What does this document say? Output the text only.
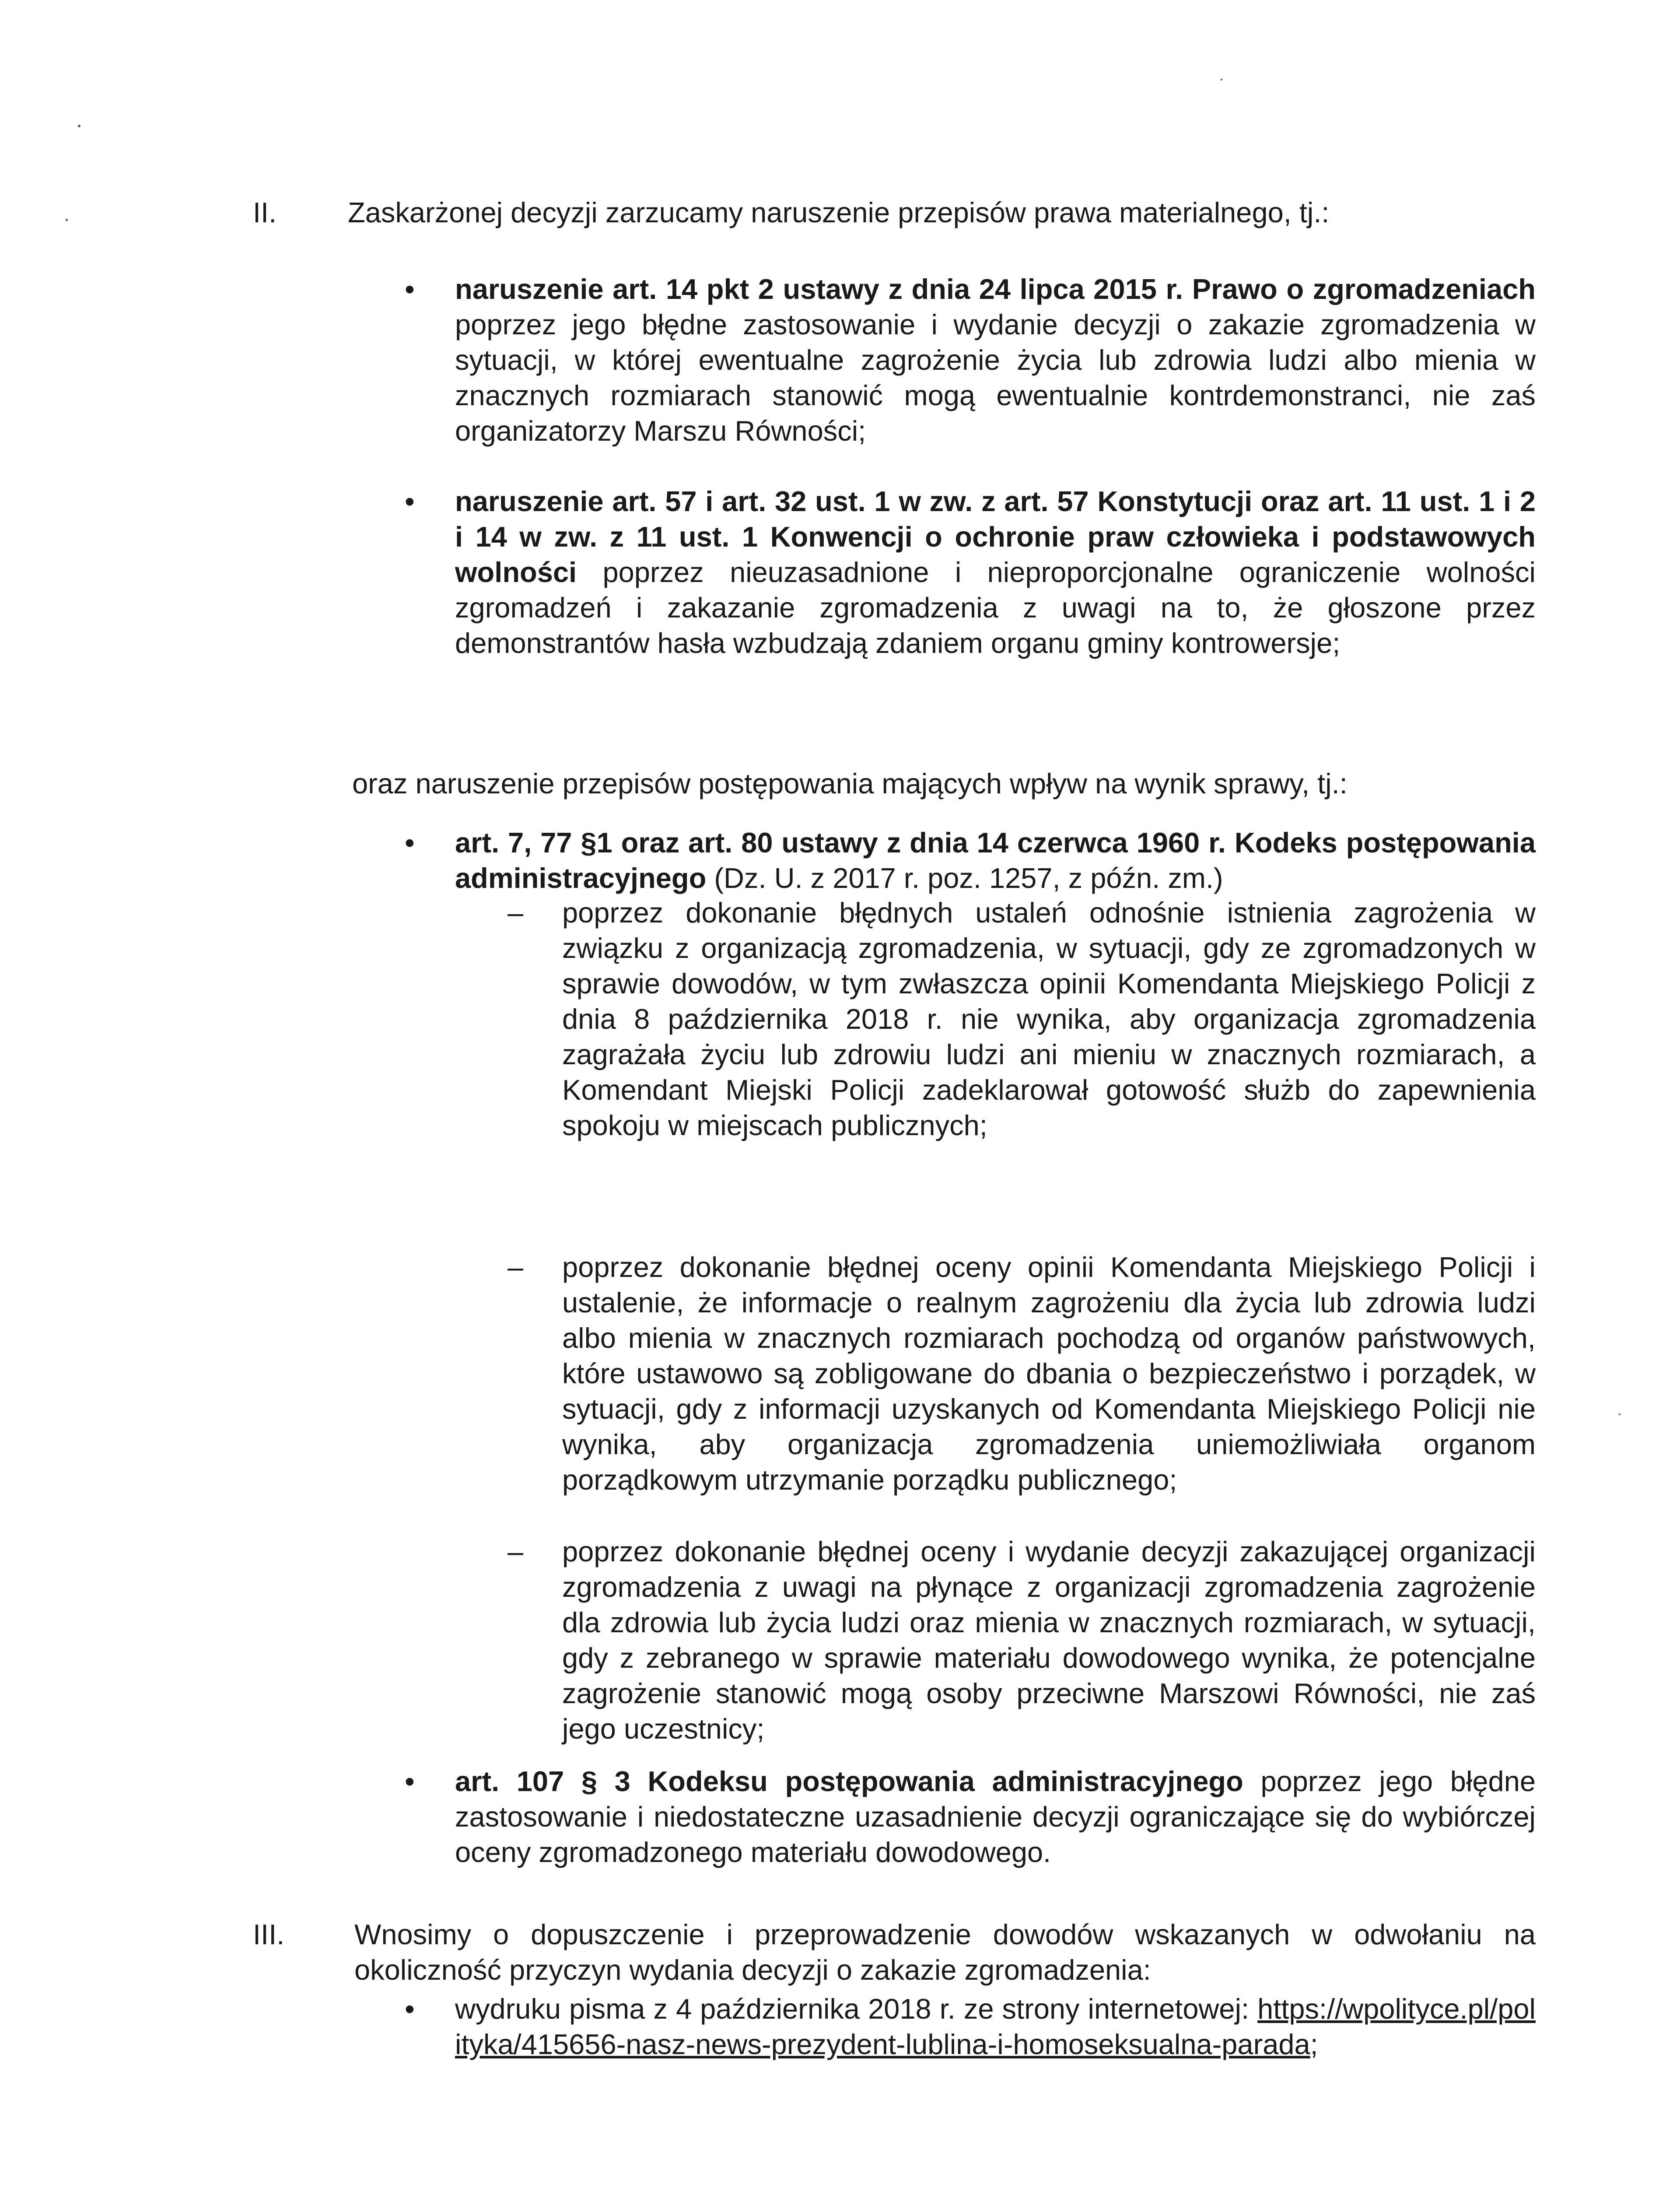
II.	Zaskarżonej decyzji zarzucamy naruszenie przepisów prawa materialnego, tj.:
• naruszenie art. 14 pkt 2 ustawy z dnia 24 lipca 2015 r. Prawo o zgromadzeniach poprzez jego błędne zastosowanie i wydanie decyzji o zakazie zgromadzenia w sytuacji, w której ewentualne zagrożenie życia lub zdrowia ludzi albo mienia w znacznych rozmiarach stanowić mogą ewentualnie kontrdemonstranci, nie zaś organizatorzy Marszu Równości;

• naruszenie art. 57 i art. 32 ust. 1 w zw. z art. 57 Konstytucji oraz art. 11 ust. 1 i 2 i 14 w zw. z 11 ust. 1 Konwencji o ochronie praw człowieka i podstawowych wolności poprzez nieuzasadnione i nieproporcjonalne ograniczenie wolności zgromadzeń i zakazanie zgromadzenia z uwagi na to, że głoszone przez demonstrantów hasła wzbudzają zdaniem organu gminy kontrowersje;

oraz naruszenie przepisów postępowania mających wpływ na wynik sprawy, tj.:
• art. 7, 77 §1 oraz art. 80 ustawy z dnia 14 czerwca 1960 r. Kodeks postępowania administracyjnego (Dz. U. z 2017 r. poz. 1257, z późn. zm.)

– poprzez dokonanie błędnych ustaleń odnośnie istnienia zagrożenia w związku z organizacją zgromadzenia, w sytuacji, gdy ze zgromadzonych w sprawie dowodów, w tym zwłaszcza opinii Komendanta Miejskiego Policji z dnia 8 października 2018 r. nie wynika, aby organizacja zgromadzenia zagrażała życiu lub zdrowiu ludzi ani mieniu w znacznych rozmiarach, a Komendant Miejski Policji zadeklarował gotowość służb do zapewnienia spokoju w miejscach publicznych;
– poprzez dokonanie błędnej oceny opinii Komendanta Miejskiego Policji i ustalenie, że informacje o realnym zagrożeniu dla życia lub zdrowia ludzi albo mienia w znacznych rozmiarach pochodzą od organów państwowych, które ustawowo są zobligowane do dbania o bezpieczeństwo i porządek, w sytuacji, gdy z informacji uzyskanych od Komendanta Miejskiego Policji nie wynika, aby organizacja zgromadzenia uniemożliwiała organom porządkowym utrzymanie porządku publicznego;
– poprzez dokonanie błędnej oceny i wydanie decyzji zakazującej organizacji zgromadzenia z uwagi na płynące z organizacji zgromadzenia zagrożenie dla zdrowia lub życia ludzi oraz mienia w znacznych rozmiarach, w sytuacji, gdy z zebranego w sprawie materiału dowodowego wynika, że potencjalne zagrożenie stanowić mogą osoby przeciwne Marszowi Równości, nie zaś jego uczestnicy;
• art. 107 § 3 Kodeksu postępowania administracyjnego poprzez jego błędne zastosowanie i niedostateczne uzasadnienie decyzji ograniczające się do wybiórczej oceny zgromadzonego materiału dowodowego.

III. Wnosimy o dopuszczenie i przeprowadzenie dowodów wskazanych w odwołaniu na okoliczność przyczyn wydania decyzji o zakazie zgromadzenia:
• wydruku pisma z 4 października 2018 r. ze strony internetowej: https://wpolityce.pl/polityka/415656-nasz-news-prezydent-lublina-i-homoseksualna-parada;
